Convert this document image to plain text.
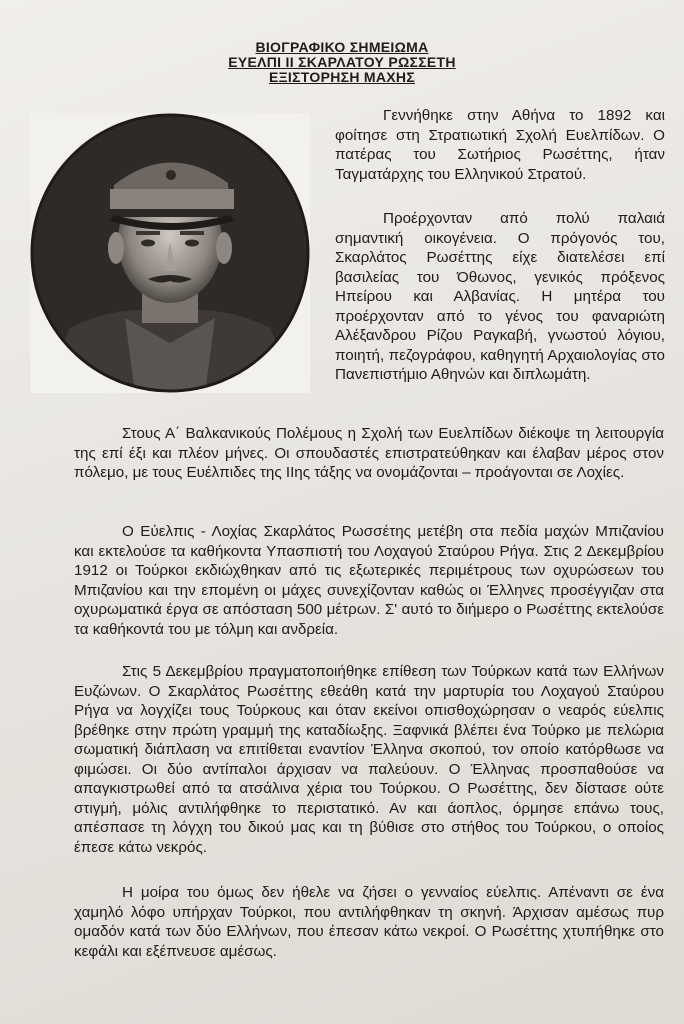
ΒΙΟΓΡΑΦΙΚΟ ΣΗΜΕΙΩΜΑ
ΕΥΕΛΠΙ ΙΙ ΣΚΑΡΛΑΤΟΥ ΡΩΣΣΕΤΗ
ΕΞΙΣΤΟΡΗΣΗ ΜΑΧΗΣ

Γεννήθηκε στην Αθήνα το 1892 και φοίτησε στη Στρατιωτική Σχολή Ευελπίδων. Ο πατέρας του Σωτήριος Ρωσέττης, ήταν Ταγματάρχης του Ελληνικού Στρατού.

Προέρχονταν από πολύ παλαιά σημαντική οικογένεια. Ο πρόγονός του, Σκαρλάτος Ρωσέττης είχε διατελέσει επί βασιλείας του Όθωνος, γενικός πρόξενος Ηπείρου και Αλβανίας. Η μητέρα του προέρχονταν από το γένος του φαναριώτη Αλέξανδρου Ρίζου Ραγκαβή, γνωστού λόγιου, ποιητή, πεζογράφου, καθηγητή Αρχαιολογίας στο Πανεπιστήμιο Αθηνών και διπλωμάτη.

Στους Α΄ Βαλκανικούς Πολέμους η Σχολή των Ευελπίδων διέκοψε τη λειτουργία της επί έξι και πλέον μήνες. Οι σπουδαστές επιστρατεύθηκαν και έλαβαν μέρος στον πόλεμο, με τους Ευέλπιδες της ΙΙης τάξης να ονομάζονται – προάγονται σε Λοχίες.

Ο Εύελπις - Λοχίας Σκαρλάτος Ρωσσέτης μετέβη στα πεδία μαχών Μπιζανίου και εκτελούσε τα καθήκοντα Υπασπιστή του Λοχαγού Σταύρου Ρήγα. Στις 2 Δεκεμβρίου 1912 οι Τούρκοι εκδιώχθηκαν από τις εξωτερικές περιμέτρους των οχυρώσεων του Μπιζανίου και την επομένη οι μάχες συνεχίζονταν καθώς οι Έλληνες προσέγγιζαν στα οχυρωματικά έργα σε απόσταση 500 μέτρων. Σ' αυτό το διήμερο ο Ρωσέττης εκτελούσε τα καθήκοντά του με τόλμη και ανδρεία.

Στις 5 Δεκεμβρίου πραγματοποιήθηκε επίθεση των Τούρκων κατά των Ελλήνων Ευζώνων. Ο Σκαρλάτος Ρωσέττης εθεάθη κατά την μαρτυρία του Λοχαγού Σταύρου Ρήγα να λογχίζει τους Τούρκους και όταν εκείνοι οπισθοχώρησαν ο νεαρός εύελπις βρέθηκε στην πρώτη γραμμή της καταδίωξης. Ξαφνικά βλέπει ένα Τούρκο με πελώρια σωματική διάπλαση να επιτίθεται εναντίον Έλληνα σκοπού, τον οποίο κατόρθωσε να φιμώσει. Οι δύο αντίπαλοι άρχισαν να παλεύουν. Ο Έλληνας προσπαθούσε να απαγκιστρωθεί από τα ατσάλινα χέρια του Τούρκου. Ο Ρωσέττης, δεν δίστασε ούτε στιγμή, μόλις αντιλήφθηκε το περιστατικό. Αν και άοπλος, όρμησε επάνω τους, απέσπασε τη λόγχη του δικού μας και τη βύθισε στο στήθος του Τούρκου, ο οποίος έπεσε κάτω νεκρός.

Η μοίρα του όμως δεν ήθελε να ζήσει ο γενναίος εύελπις. Απέναντι σε ένα χαμηλό λόφο υπήρχαν Τούρκοι, που αντιλήφθηκαν τη σκηνή. Άρχισαν αμέσως πυρ ομαδόν κατά των δύο Ελλήνων, που έπεσαν κάτω νεκροί. Ο Ρωσέττης χτυπήθηκε στο κεφάλι και εξέπνευσε αμέσως.
